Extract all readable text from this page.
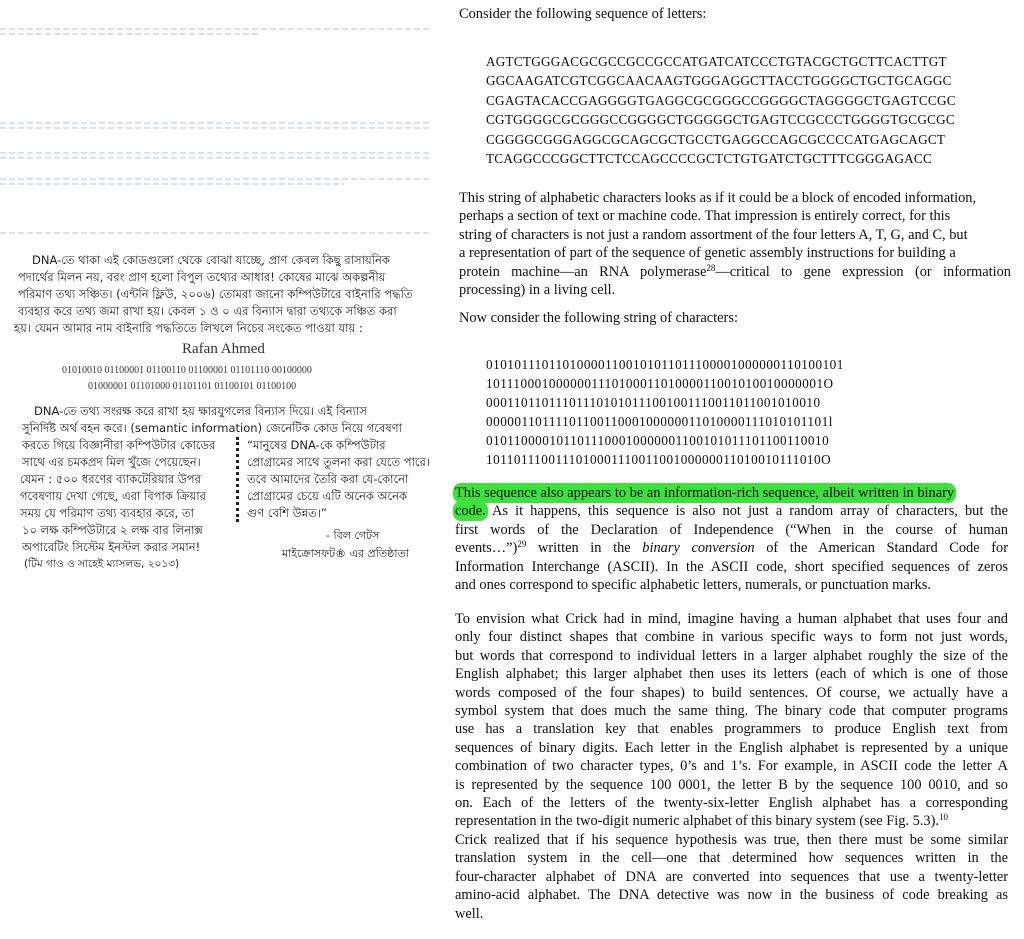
DNA-তে থাকা এই কোডগুলো থেকে বোঝা যাচ্ছে, প্রাণ কেবল কিছু রাসায়নিক

পদার্থের মিলন নয়, বরং প্রাণ হলো বিপুল তথ্যের আধার! কোষের মাঝে অকল্পনীয়

পরিমাণ তথ্য সঞ্চিত। (এন্টনি ফ্লিউ, ২০০৬) তোমরা জানো কম্পিউটারে বাইনারি পদ্ধতি

ব্যবহার করে তথ্য জমা রাখা হয়। কেবল ১ ও ০ এর বিন্যাস দ্বারা তথ্যকে সঞ্চিত করা

হয়। যেমন আমার নাম বাইনারি পদ্ধতিতে লিখলে নিচের সংকেত পাওয়া যায় :

Rafan Ahmed
01010010 01100001 01100110 01100001 01101110 00100000
01000001 01101000 01101101 01100101 01100100

DNA-তে তথ্য সংরক্ষ করে রাখা হয় ক্ষারযুগলের বিন্যাস দিয়ে। এই বিন্যাস

সুনির্দিষ্ট অর্থ বহন করে। (semantic information) জেনেটিক কোড নিয়ে গবেষণা

করতে গিয়ে বিজ্ঞানীরা কম্পিউটার কোডের

সাথে এর চমকপ্রদ মিল খুঁজে পেয়েছেন।

যেমন : ৫০০ ধরণের ব্যাকটেরিয়ার উপর

গবেষণায় দেখা গেছে, এরা বিপাক ক্রিয়ার

সময় যে পরিমাণ তথ্য ব্যবহার করে, তা

১০ লক্ষ কম্পিউটারে ২ লক্ষ বার লিনাক্স

অপারেটিং সিস্টেম ইনস্টল করার সমান!

(টিম গাও ও সাহেই ম্যাসলভ, ২০১৩)

“মানুষের DNA-কে কম্পিউটার

প্রোগ্রামের সাথে তুলনা করা যেতে পারে।

তবে আমাদের তৈরি করা যে-কোনো

প্রোগ্রামের চেয়ে এটি অনেক অনেক

গুণ বেশি উন্নত।”

- বিল গেটস
মাইক্রোসফট® এর প্রতিষ্ঠাতা
Consider the following sequence of letters:

AGTCTGGGACGCGCCGCCGCCATGATCATCCCTGTACGCTGCTTCACTTGT

GGCAAGATCGTCGGCAACAAGTGGGAGGCTTACCTGGGGCTGCTGCAGGC

CGAGTACACCGAGGGGTGAGGCGCGGGCCGGGGCTAGGGGCTGAGTCCGC

CGTGGGGCGCGGGCCGGGGCTGGGGGCTGAGTCCGCCCTGGGGTGCGCGC

CGGGGCGGGAGGCGCAGCGCTGCCTGAGGCCAGCGCCCCATGAGCAGCT

TCAGGCCCGGCTTCTCCAGCCCCGCTCTGTGATCTGCTTTCGGGAGACC

This string of alphabetic characters looks as if it could be a block of encoded information,

perhaps a section of text or machine code. That impression is entirely correct, for this

string of characters is not just a random assortment of the four letters A, T, G, and C, but

a representation of part of the sequence of genetic assembly instructions for building a

protein machine—an RNA polymerase$^{28}$—critical to gene expression (or information

processing) in a living cell.

Now consider the following string of characters:

010101110110100001100101011011100001000000110100101

101110001000000111010001101000011001010010000001O

000110110111011101010111001001110011011001010010

0000011011110110011000100000011010000111010101101l

0101100001011011100010000001100101011101100110010

101101110011101000111001100100000011010010111010O

This sequence also appears to be an information-rich sequence, albeit written in binary

code. As it happens, this sequence is also not just a random array of characters, but the

first words of the Declaration of Independence (“When in the course of human

events…”)$^{29}$ written in the binary conversion of the American Standard Code for

Information Interchange (ASCII). In the ASCII code, short specified sequences of zeros

and ones correspond to specific alphabetic letters, numerals, or punctuation marks.

To envision what Crick had in mind, imagine having a human alphabet that uses four and

only four distinct shapes that combine in various specific ways to form not just words,

but words that correspond to individual letters in a larger alphabet roughly the size of the

English alphabet; this larger alphabet then uses its letters (each of which is one of those

words composed of the four shapes) to build sentences. Of course, we actually have a

symbol system that does much the same thing. The binary code that computer programs

use has a translation key that enables programmers to produce English text from

sequences of binary digits. Each letter in the English alphabet is represented by a unique

combination of two character types, 0’s and 1’s. For example, in ASCII code the letter A

is represented by the sequence 100 0001, the letter B by the sequence 100 0010, and so

on. Each of the letters of the twenty-six-letter English alphabet has a corresponding

representation in the two-digit numeric alphabet of this binary system (see Fig. 5.3).$^{10}$

Crick realized that if his sequence hypothesis was true, then there must be some similar

translation system in the cell—one that determined how sequences written in the

four-character alphabet of DNA are converted into sequences that use a twenty-letter

amino-acid alphabet. The DNA detective was now in the business of code breaking as

well.
